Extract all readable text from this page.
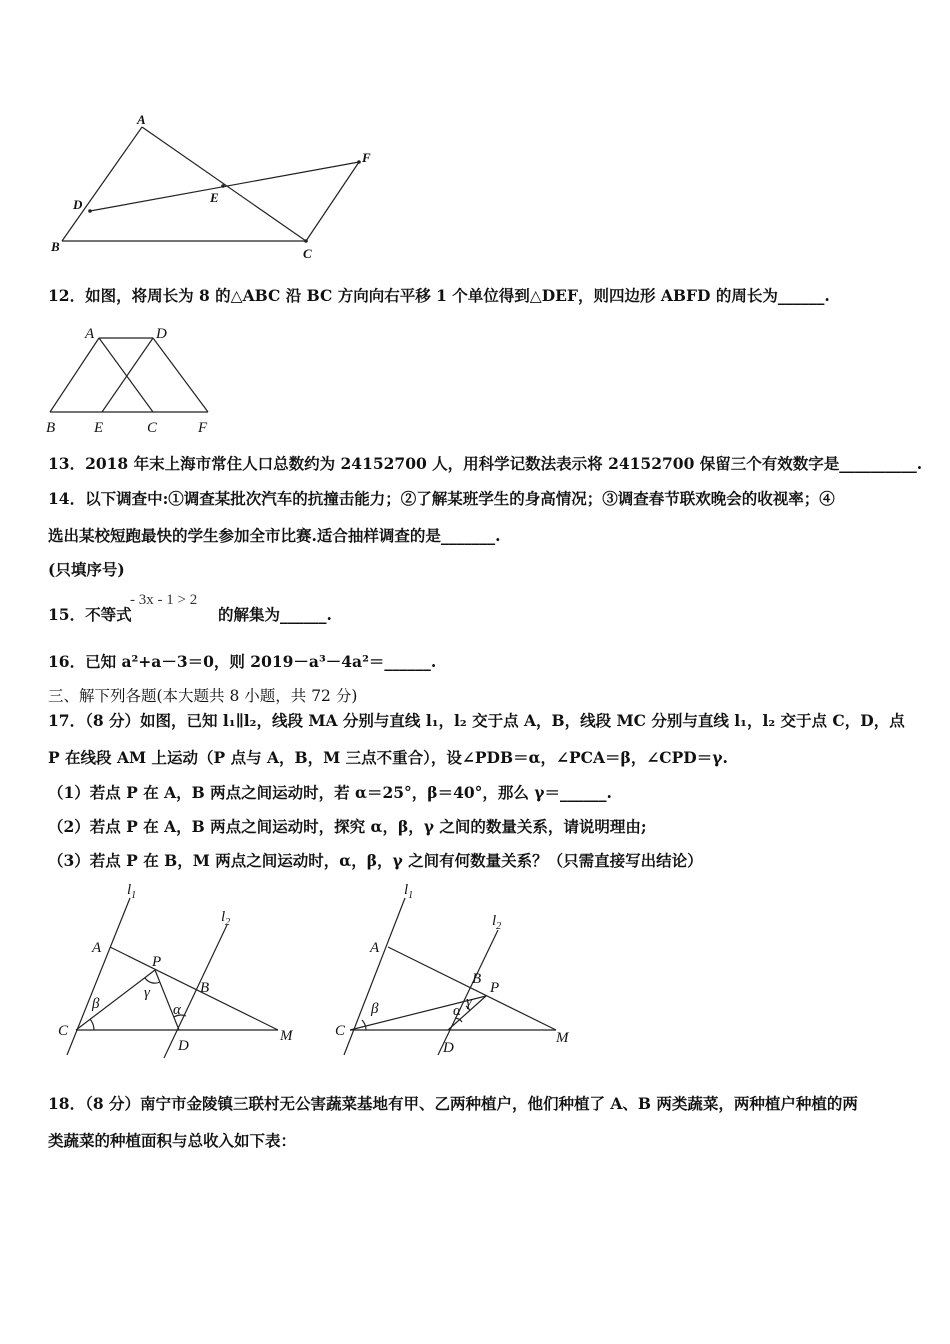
A
B	C
D	E
F
12．如图，将周长为 8 的△ABC 沿 BC 方向向右平移 1 个单位得到△DEF，则四边形 ABFD 的周长为______.
A	D
B	E	C	F
13．2018 年末上海市常住人口总数约为 24152700 人，用科学记数法表示将 24152700 保留三个有效数字是__________.
14．以下调查中:①调查某批次汽车的抗撞击能力；②了解某班学生的身高情况；③调查春节联欢晚会的收视率；④
选出某校短跑最快的学生参加全市比赛.适合抽样调查的是_______.
(只填序号)
15．不等式
- 3x - 1 > 2
的解集为______.
16．已知 a²+a－3＝0，则 2019－a³－4a²＝______.
三、解下列各题(本大题共 8 小题，共 72 分)
17．（8 分）如图，已知 l₁∥l₂，线段 MA 分别与直线 l₁，l₂ 交于点 A，B，线段 MC 分别与直线 l₁，l₂ 交于点 C，D，点
P 在线段 AM 上运动（P 点与 A，B，M 三点不重合），设∠PDB＝α，∠PCA＝β，∠CPD＝γ.
（1）若点 P 在 A，B 两点之间运动时，若 α＝25°，β＝40°，那么 γ＝______.
（2）若点 P 在 A，B 两点之间运动时，探究 α，β，γ 之间的数量关系，请说明理由;
（3）若点 P 在 B，M 两点之间运动时，α，β，γ 之间有何数量关系？（只需直接写出结论）
$l_1$
$l_2$
A
P
B
C
D
M
β
γ
α
$l_1$
$l_2$
A
B
P
C
D
M
β	γ
α
18．（8 分）南宁市金陵镇三联村无公害蔬菜基地有甲、乙两种植户，他们种植了 A、B 两类蔬菜，两种植户种植的两
类蔬菜的种植面积与总收入如下表：
